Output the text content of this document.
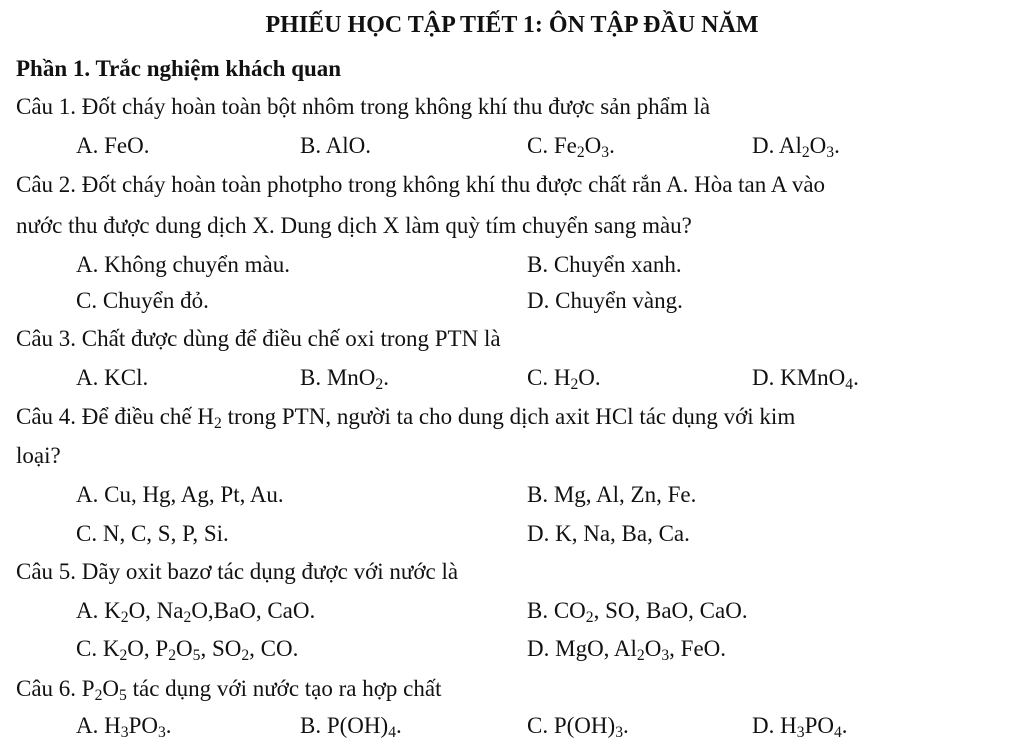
PHIẾU HỌC TẬP TIẾT 1: ÔN TẬP ĐẦU NĂM
Phần 1. Trắc nghiệm khách quan
Câu 1. Đốt cháy hoàn toàn bột nhôm trong không khí thu được sản phẩm là
A. FeO.	B. AlO.	C. $Fe_2O_3$.	D. $Al_2O_3$.
Câu 2. Đốt cháy hoàn toàn photpho trong không khí thu được chất rắn A. Hòa tan A vào
nước thu được dung dịch X. Dung dịch X làm quỳ tím chuyển sang màu?
A. Không chuyển màu.	B. Chuyển xanh.
C. Chuyển đỏ.	D. Chuyển vàng.
Câu 3. Chất được dùng để điều chế oxi trong PTN là
A. KCl.	B. MnO$_2$.	C. $H_2O$.	D. KMnO$_4$.
Câu 4. Để điều chế $H_2$ trong PTN, người ta cho dung dịch axit HCl tác dụng với kim
loại?
A. Cu, Hg, Ag, Pt, Au.	B. Mg, Al, Zn, Fe.
C. N, C, S, P, Si.	D. K, Na, Ba, Ca.
Câu 5. Dãy oxit bazơ tác dụng được với nước là
A. $K_2O$, $Na_2O,BaO$, CaO.	B. $CO_2$, SO, BaO, CaO.
C. $K_2O$, $P_2O_5$, $SO_2$, CO.	D. MgO, $Al_2O_3$, FeO.
Câu 6. $P_2O_5$ tác dụng với nước tạo ra hợp chất
A. $H_3PO_3$.	B. $P(OH)_4$.	C. $P(OH)_3$.	D. $H_3PO_4$.
